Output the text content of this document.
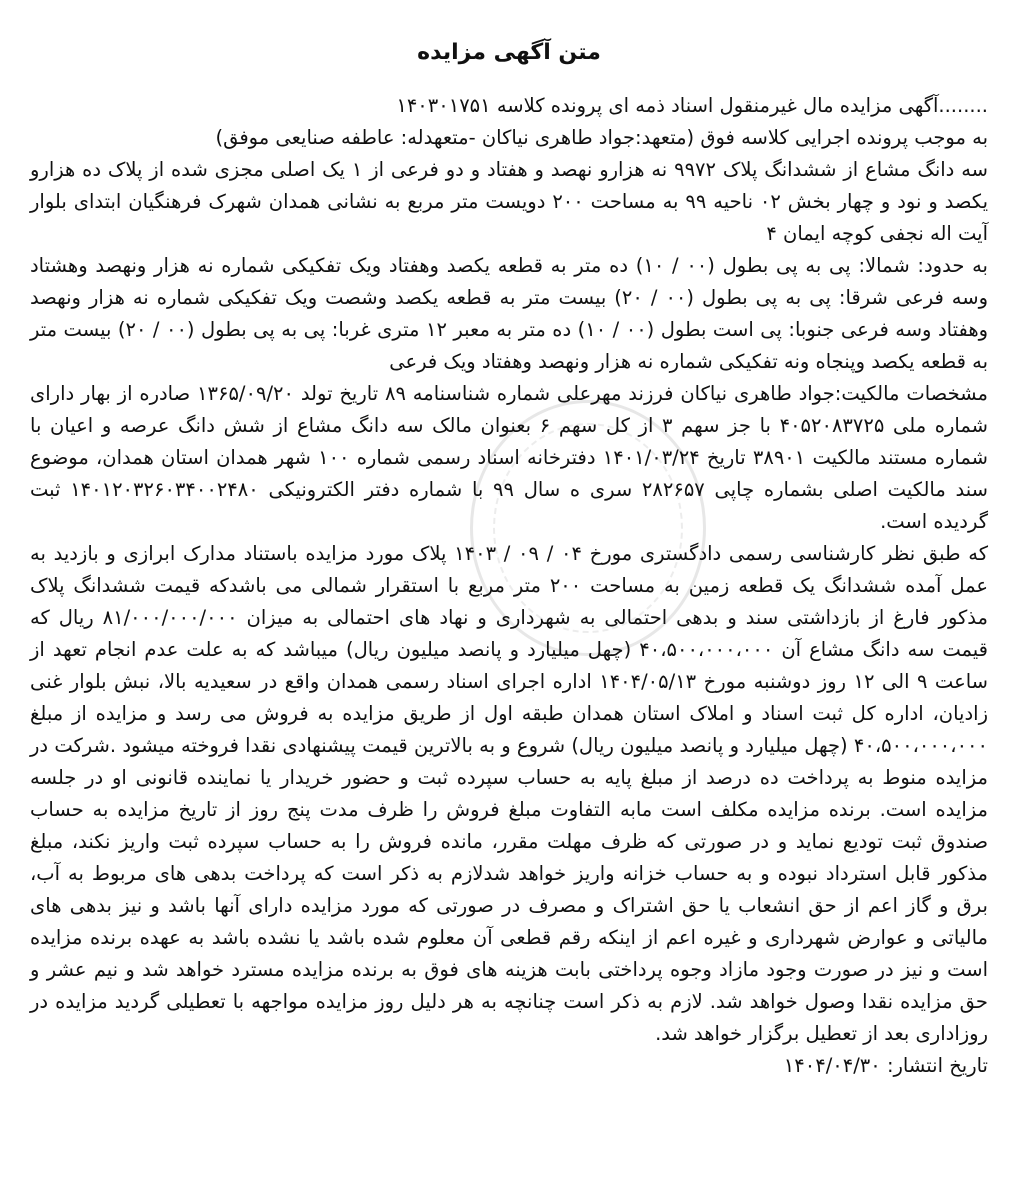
متن آگهی مزایده

........آگهی مزایده مال غیرمنقول اسناد ذمه ای پرونده کلاسه ۱۴۰۳۰۱۷۵۱

به موجب پرونده اجرایی کلاسه فوق (متعهد:جواد طاهری نیاکان -متعهدله: عاطفه صنایعی موفق)

سه دانگ مشاع از ششدانگ پلاک ۹۹۷۲ نه هزارو نهصد و هفتاد و دو فرعی از ۱ یک اصلی مجزی شده از پلاک ده هزارو یکصد و نود و چهار بخش ۰۲ ناحیه ۹۹ به مساحت ۲۰۰ دویست متر مربع به نشانی همدان شهرک فرهنگیان ابتدای بلوار آیت اله نجفی کوچه ایمان ۴

به حدود: شمالا: پی به پی بطول (۰۰ / ۱۰) ده متر به قطعه یکصد وهفتاد ویک تفکیکی شماره نه هزار ونهصد وهشتاد وسه فرعی شرقا: پی به پی بطول (۰۰ / ۲۰) بیست متر به قطعه یکصد وشصت ویک تفکیکی شماره نه هزار ونهصد وهفتاد وسه فرعی جنوبا: پی است بطول (۰۰ / ۱۰) ده متر به معبر ۱۲ متری غربا: پی به پی بطول (۰۰ / ۲۰) بیست متر به قطعه یکصد وپنجاه ونه تفکیکی شماره نه هزار ونهصد وهفتاد ویک فرعی

مشخصات مالکیت:جواد طاهری نیاکان فرزند مهرعلی شماره شناسنامه ۸۹ تاریخ تولد ۱۳۶۵/۰۹/۲۰ صادره از بهار دارای شماره ملی ۴۰۵۲۰۸۳۷۲۵ با جز سهم ۳ از کل سهم ۶ بعنوان مالک سه دانگ مشاع از شش دانگ عرصه و اعیان با شماره مستند مالکیت ۳۸۹۰۱ تاریخ ۱۴۰۱/۰۳/۲۴ دفترخانه اسناد رسمی شماره ۱۰۰ شهر همدان استان همدان، موضوع سند مالکیت اصلی بشماره چاپی ۲۸۲۶۵۷ سری ه سال ۹۹ با شماره دفتر الکترونیکی ۱۴۰۱۲۰۳۲۶۰۳۴۰۰۲۴۸۰ ثبت گردیده است.

که طبق نظر کارشناسی رسمی دادگستری مورخ ۰۴ / ۰۹ / ۱۴۰۳ پلاک مورد مزایده باستناد مدارک ابرازی و بازدید به عمل آمده ششدانگ یک قطعه زمین به مساحت ۲۰۰ متر مربع با استقرار شمالی می باشدکه قیمت ششدانگ پلاک مذکور فارغ از بازداشتی سند و بدهی احتمالی به شهرداری و نهاد های احتمالی به میزان ۸۱/۰۰۰/۰۰۰/۰۰۰ ریال که قیمت سه دانگ مشاع آن ۴۰،۵۰۰،۰۰۰،۰۰۰ (چهل میلیارد و پانصد میلیون ریال) میباشد که به علت عدم انجام تعهد از ساعت ۹ الی ۱۲ روز دوشنبه مورخ ۱۴۰۴/۰۵/۱۳ اداره اجرای اسناد رسمی همدان واقع در سعیدیه بالا، نبش بلوار غنی زادیان، اداره کل ثبت اسناد و املاک استان همدان طبقه اول از طریق مزایده به فروش می رسد و مزایده از مبلغ ۴۰،۵۰۰،۰۰۰،۰۰۰ (چهل میلیارد و پانصد میلیون ریال) شروع و به بالاترین قیمت پیشنهادی نقدا فروخته میشود .شرکت در مزایده منوط به پرداخت ده درصد از مبلغ پایه به حساب سپرده ثبت و حضور خریدار یا نماینده قانونی او در جلسه مزایده است. برنده مزایده مکلف است مابه التفاوت مبلغ فروش را ظرف مدت پنج روز از تاریخ مزایده به حساب صندوق ثبت تودیع نماید و در صورتی که ظرف مهلت مقرر، مانده فروش را به حساب سپرده ثبت واریز نکند، مبلغ مذکور قابل استرداد نبوده و به حساب خزانه واریز خواهد شدلازم به ذکر است که پرداخت بدهی های مربوط به آب، برق و گاز اعم از حق انشعاب یا حق اشتراک و مصرف در صورتی که مورد مزایده دارای آنها باشد و نیز بدهی های مالیاتی و عوارض شهرداری و غیره اعم از اینکه رقم قطعی آن معلوم شده باشد یا نشده باشد به عهده برنده مزایده است و نیز در صورت وجود مازاد وجوه پرداختی بابت هزینه های فوق به برنده مزایده مسترد خواهد شد و نیم عشر و حق مزایده نقدا وصول خواهد شد. لازم به ذکر است چنانچه به هر دلیل روز مزایده مواجهه با تعطیلی گردید مزایده در روزاداری بعد از تعطیل برگزار خواهد شد.

تاریخ انتشار: ۱۴۰۴/۰۴/۳۰
